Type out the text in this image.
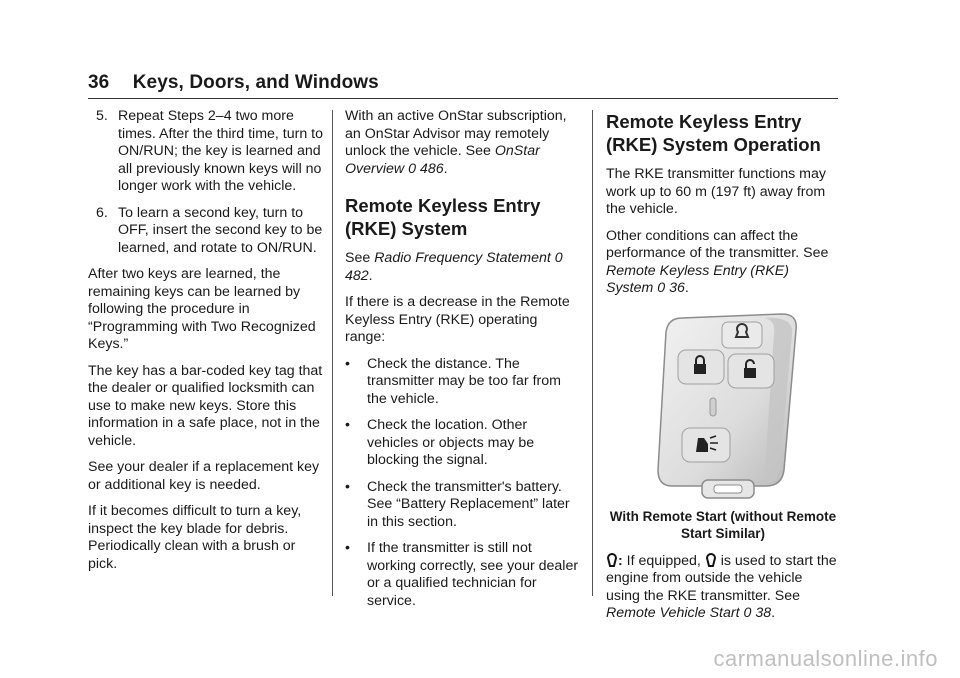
36 Keys, Doors, and Windows
5. Repeat Steps 2–4 two more times. After the third time, turn to ON/RUN; the key is learned and all previously known keys will no longer work with the vehicle.
6. To learn a second key, turn to OFF, insert the second key to be learned, and rotate to ON/RUN.

After two keys are learned, the remaining keys can be learned by following the procedure in “Programming with Two Recognized Keys.”

The key has a bar-coded key tag that the dealer or qualified locksmith can use to make new keys. Store this information in a safe place, not in the vehicle.

See your dealer if a replacement key or additional key is needed.

If it becomes difficult to turn a key, inspect the key blade for debris. Periodically clean with a brush or pick.

With an active OnStar subscription, an OnStar Advisor may remotely unlock the vehicle. See OnStar Overview 0 486.

Remote Keyless Entry (RKE) System

See Radio Frequency Statement 0 482.

If there is a decrease in the Remote Keyless Entry (RKE) operating range:

•	Check the distance. The transmitter may be too far from the vehicle.
•	Check the location. Other vehicles or objects may be blocking the signal.
•	Check the transmitter's battery. See “Battery Replacement” later in this section.
•	If the transmitter is still not working correctly, see your dealer or a qualified technician for service.
Remote Keyless Entry (RKE) System Operation

The RKE transmitter functions may work up to 60 m (197 ft) away from the vehicle.

Other conditions can affect the performance of the transmitter. See Remote Keyless Entry (RKE) System 0 36.

With Remote Start (without Remote Start Similar)

: If equipped,  is used to start the engine from outside the vehicle using the RKE transmitter. See Remote Vehicle Start 0 38.

carmanualsonline.info
